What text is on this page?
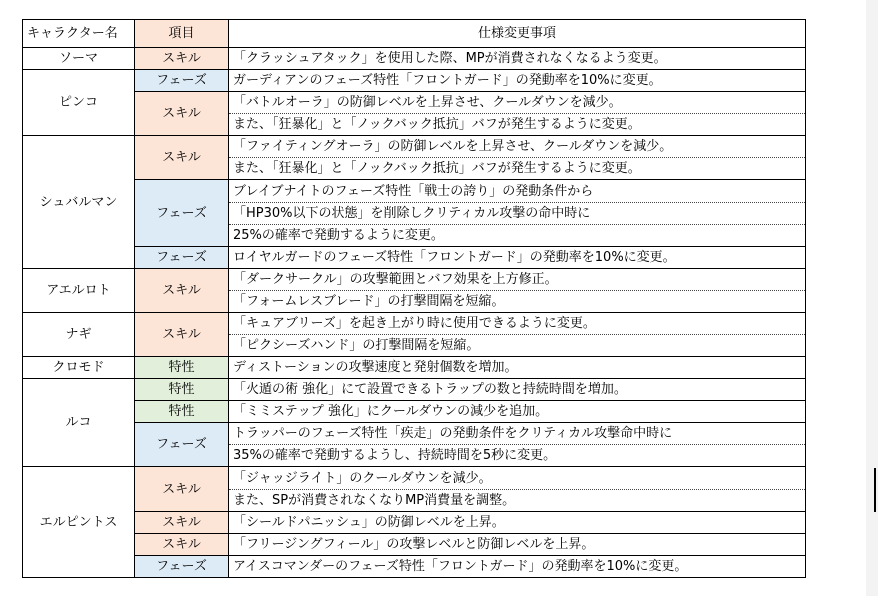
キャラクター名	項目	仕様変更事項
ソーマ	スキル	「クラッシュアタック」を使用した際、MPが消費されなくなるよう変更。
ピンコ	フェーズ	ガーディアンのフェーズ特性「フロントガード」の発動率を10%に変更。
	スキル	「バトルオーラ」の防御レベルを上昇させ、クールダウンを減少。
		また、「狂暴化」と「ノックバック抵抗」バフが発生するように変更。
シュバルマン	スキル	「ファイティングオーラ」の防御レベルを上昇させ、クールダウンを減少。
		また、「狂暴化」と「ノックバック抵抗」バフが発生するように変更。
	フェーズ	ブレイブナイトのフェーズ特性「戦士の誇り」の発動条件から
		「HP30%以下の状態」を削除しクリティカル攻撃の命中時に
		25%の確率で発動するように変更。
	フェーズ	ロイヤルガードのフェーズ特性「フロントガード」の発動率を10%に変更。
アエルロト	スキル	「ダークサークル」の攻撃範囲とバフ効果を上方修正。
		「フォームレスブレード」の打撃間隔を短縮。
ナギ	スキル	「キュアブリーズ」を起き上がり時に使用できるように変更。
		「ピクシーズハンド」の打撃間隔を短縮。
クロモド	特性	ディストーションの攻撃速度と発射個数を増加。
ルコ	特性	「火遁の術 強化」にて設置できるトラップの数と持続時間を増加。
	特性	「ミミステップ 強化」にクールダウンの減少を追加。
	フェーズ	トラッパーのフェーズ特性「疾走」の発動条件をクリティカル攻撃命中時に
		35%の確率で発動するようし、持続時間を5秒に変更。
エルピントス	スキル	「ジャッジライト」のクールダウンを減少。
		また、SPが消費されなくなりMP消費量を調整。
	スキル	「シールドパニッシュ」の防御レベルを上昇。
	スキル	「フリージングフィール」の攻撃レベルと防御レベルを上昇。
	フェーズ	アイスコマンダーのフェーズ特性「フロントガード」の発動率を10%に変更。
